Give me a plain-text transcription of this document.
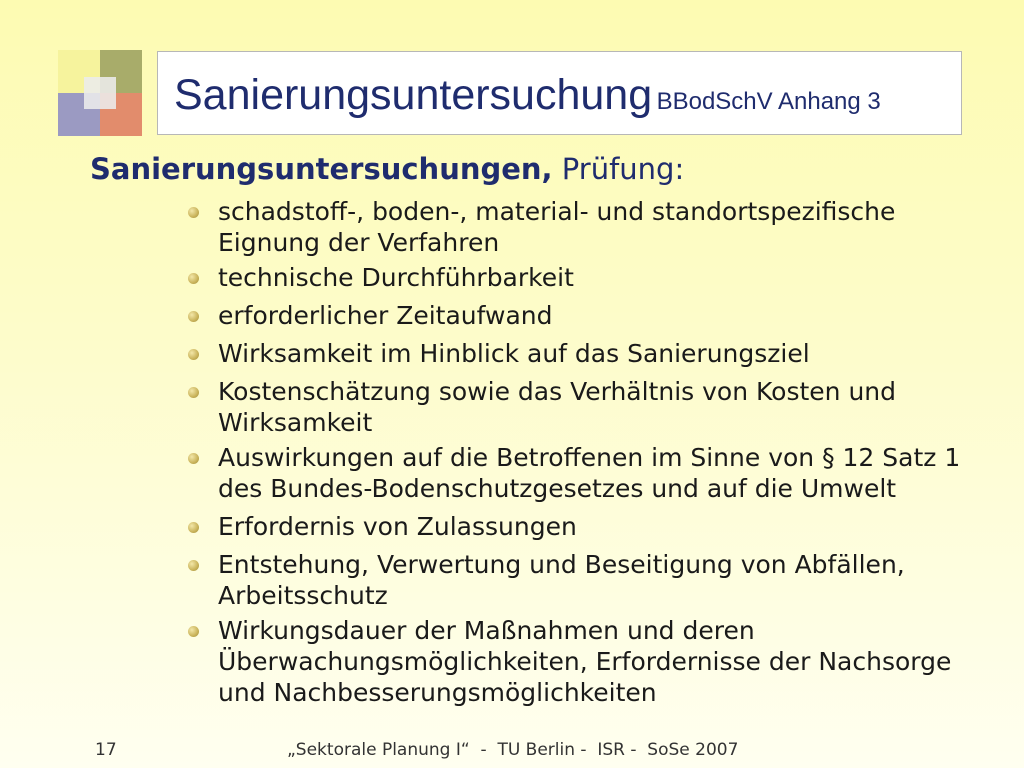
Sanierungsuntersuchung BBodSchV Anhang 3
Sanierungsuntersuchungen, Prüfung:
schadstoff-, boden-, material- und standortspezifische Eignung der Verfahren
technische Durchführbarkeit
erforderlicher Zeitaufwand
Wirksamkeit im Hinblick auf das Sanierungsziel
Kostenschätzung sowie das Verhältnis von Kosten und Wirksamkeit
Auswirkungen auf die Betroffenen im Sinne von § 12 Satz 1 des Bundes-Bodenschutzgesetzes und auf die Umwelt
Erfordernis von Zulassungen
Entstehung, Verwertung und Beseitigung von Abfällen, Arbeitsschutz
Wirkungsdauer der Maßnahmen und deren Überwachungsmöglichkeiten, Erfordernisse der Nachsorge und Nachbesserungsmöglichkeiten
17	„Sektorale Planung I“  -  TU Berlin -  ISR -  SoSe 2007
